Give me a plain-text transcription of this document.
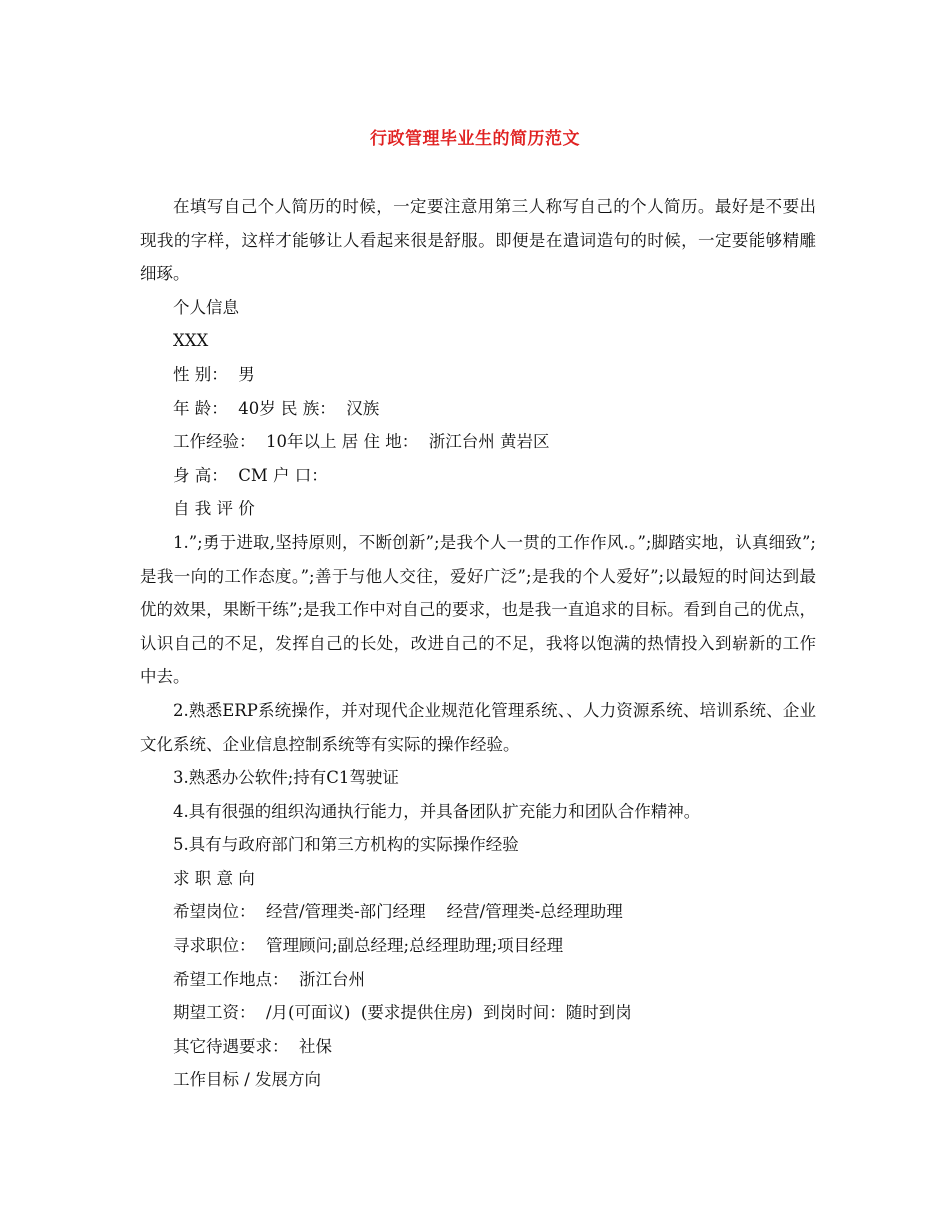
行政管理毕业生的简历范文

在填写自己个人简历的时候，一定要注意用第三人称写自己的个人简历。最好是不要出现我的字样，这样才能够让人看起来很是舒服。即便是在遣词造句的时候，一定要能够精雕细琢。

个人信息

XXX

性 别：  男

年 龄：  40岁 民 族：  汉族

工作经验：  10年以上 居 住 地：  浙江台州 黄岩区

身 高：  CM 户 口：

自 我 评 价

1.”;勇于进取,坚持原则，不断创新”;是我个人一贯的工作作风.。”;脚踏实地，认真细致”;是我一向的工作态度。”;善于与他人交往，爱好广泛”;是我的个人爱好”;以最短的时间达到最优的效果，果断干练”;是我工作中对自己的要求，也是我一直追求的目标。看到自己的优点，认识自己的不足，发挥自己的长处，改进自己的不足，我将以饱满的热情投入到崭新的工作中去。

2.熟悉ERP系统操作，并对现代企业规范化管理系统、、人力资源系统、培训系统、企业文化系统、企业信息控制系统等有实际的操作经验。

3.熟悉办公软件;持有C1驾驶证

4.具有很强的组织沟通执行能力，并具备团队扩充能力和团队合作精神。

5.具有与政府部门和第三方机构的实际操作经验

求 职 意 向

希望岗位：  经营/管理类-部门经理    经营/管理类-总经理助理

寻求职位：  管理顾问;副总经理;总经理助理;项目经理

希望工作地点：  浙江台州

期望工资：  /月(可面议)  (要求提供住房)  到岗时间：随时到岗

其它待遇要求：  社保

工作目标 / 发展方向
